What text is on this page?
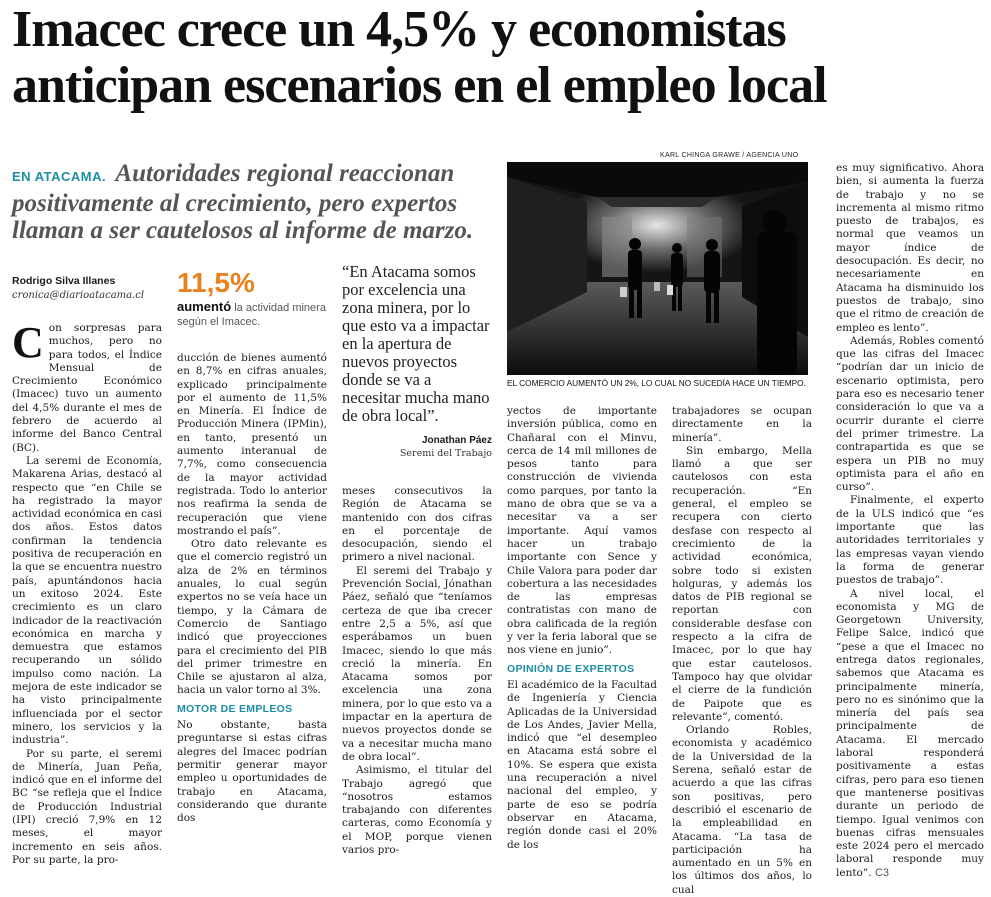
Imacec crece un 4,5% y economistas
anticipan escenarios en el empleo local

EN ATACAMA. Autoridades regional reaccionan positivamente al crecimiento, pero expertos llaman a ser cautelosos al informe de marzo.

Rodrigo Silva Illanes
cronica@diarioatacama.cl	11,5%
aumentó la actividad minera según el Imacec.
“En Atacama somos por excelencia una zona minera, por lo que esto va a impactar en la apertura de nuevos proyectos donde se va a necesitar mucha mano de obra local”.
Jonathan Páez
Seremi del Trabajo
KARL CHINGA GRAWE / AGENCIA UNO
EL COMERCIO AUMENTÓ UN 2%, LO CUAL NO SUCEDÍA HACE UN TIEMPO.

C on sorpresas para muchos, pero no para todos, el Índice Mensual de Crecimiento Económico (Imacec) tuvo un aumento del 4,5% durante el mes de febrero de acuerdo al informe del Banco Central (BC).

La seremi de Economía, Makarena Arias, destacó al respecto que “en Chile se ha registrado la mayor actividad económica en casi dos años. Estos datos confirman la tendencia positiva de recuperación en la que se encuentra nuestro país, apuntándonos hacia un exitoso 2024. Este crecimiento es un claro indicador de la reactivación económica en marcha y demuestra que estamos recuperando un sólido impulso como nación. La mejora de este indicador se ha visto principalmente influenciada por el sector minero, los servicios y la industria”.

Por su parte, el seremi de Minería, Juan Peña, indicó que en el informe del BC “se refleja que el Índice de Producción Industrial (IPI) creció 7,9% en 12 meses, el mayor incremento en seis años. Por su parte, la pro-

ducción de bienes aumentó en 8,7% en cifras anuales, explicado principalmente por el aumento de 11,5% en Minería. El Índice de Producción Minera (IPMin), en tanto, presentó un aumento interanual de 7,7%, como consecuencia de la mayor actividad registrada. Todo lo anterior nos reafirma la senda de recuperación que viene mostrando el país”.

Otro dato relevante es que el comercio registró un alza de 2% en términos anuales, lo cual según expertos no se veía hace un tiempo, y la Cámara de Comercio de Santiago indicó que proyecciones para el crecimiento del PIB del primer trimestre en Chile se ajustaron al alza, hacia un valor torno al 3%.

MOTOR DE EMPLEOS

No obstante, basta preguntarse si estas cifras alegres del Imacec podrían permitir generar mayor empleo u oportunidades de trabajo en Atacama, considerando que durante dos

meses consecutivos la Región de Atacama se mantenido con dos cifras en el porcentaje de desocupación, siendo el primero a nivel nacional.

El seremi del Trabajo y Prevención Social, Jónathan Páez, señaló que “teníamos certeza de que iba crecer entre 2,5 a 5%, así que esperábamos un buen Imacec, siendo lo que más creció la minería. En Atacama somos por excelencia una zona minera, por lo que esto va a impactar en la apertura de nuevos proyectos donde se va a necesitar mucha mano de obra local”.

Asimismo, el titular del Trabajo agregó que “nosotros estamos trabajando con diferentes carteras, como Economía y el MOP, porque vienen varios pro-

yectos de importante inversión pública, como en Chañaral con el Minvu, cerca de 14 mil millones de pesos tanto para construcción de vivienda como parques, por tanto la mano de obra que se va a necesitar va a ser importante. Aquí vamos hacer un trabajo importante con Sence y Chile Valora para poder dar cobertura a las necesidades de las empresas contratistas con mano de obra calificada de la región y ver la feria laboral que se nos viene en junio”.

OPINIÓN DE EXPERTOS

El académico de la Facultad de Ingeniería y Ciencia Aplicadas de la Universidad de Los Andes, Javier Mella, indicó que “el desempleo en Atacama está sobre el 10%. Se espera que exista una recuperación a nivel nacional del empleo, y parte de eso se podría observar en Atacama, región donde casi el 20% de los

trabajadores se ocupan directamente en la minería”.

Sin embargo, Mella llamó a que ser cautelosos con esta recuperación. “En general, el empleo se recupera con cierto desfase con respecto al crecimiento de la actividad económica, sobre todo si existen holguras, y además los datos de PIB regional se reportan con considerable desfase con respecto a la cifra de Imacec, por lo que hay que estar cautelosos. Tampoco hay que olvidar el cierre de la fundición de Paipote que es relevante”, comentó.

Orlando Robles, economista y académico de la Universidad de la Serena, señaló estar de acuerdo a que las cifras son positivas, pero describió el escenario de la empleabilidad en Atacama. “La tasa de participación ha aumentado en un 5% en los últimos dos años, lo cual

es muy significativo. Ahora bien, si aumenta la fuerza de trabajo y no se incrementa al mismo ritmo puesto de trabajos, es normal que veamos un mayor índice de desocupación. Es decir, no necesariamente en Atacama ha disminuido los puestos de trabajo, sino que el ritmo de creación de empleo es lento”.

Además, Robles comentó que las cifras del Imacec “podrían dar un inicio de escenario optimista, pero para eso es necesario tener consideración lo que va a ocurrir durante el cierre del primer trimestre. La contrapartida es que se espera un PIB no muy optimista para el año en curso”.

Finalmente, el experto de la ULS indicó que “es importante que las autoridades territoriales y las empresas vayan viendo la forma de generar puestos de trabajo”.

A nivel local, el economista y MG de Georgetown University, Felipe Salce, indicó que “pese a que el Imacec no entrega datos regionales, sabemos que Atacama es principalmente minería, pero no es sinónimo que la minería del país sea principalmente de Atacama. El mercado laboral responderá positivamente a estas cifras, pero para eso tienen que mantenerse positivas durante un periodo de tiempo. Igual venimos con buenas cifras mensuales este 2024 pero el mercado laboral responde muy lento”. C3
